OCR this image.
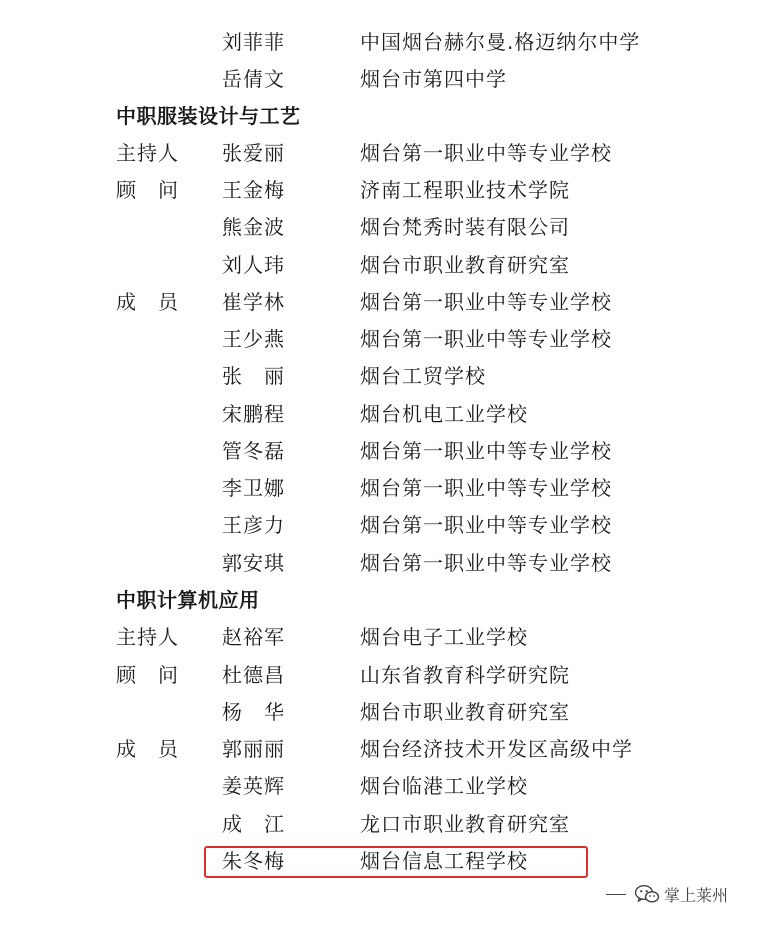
刘菲菲	中国烟台赫尔曼.格迈纳尔中学
岳倩文	烟台市第四中学
中职服装设计与工艺
主持人 张爱丽	烟台第一职业中等专业学校
顾　问 王金梅	济南工程职业技术学院
熊金波	烟台梵秀时装有限公司
刘人玮	烟台市职业教育研究室
成　员 崔学林	烟台第一职业中等专业学校
王少燕	烟台第一职业中等专业学校
张　丽	烟台工贸学校
宋鹏程	烟台机电工业学校
管冬磊	烟台第一职业中等专业学校
李卫娜	烟台第一职业中等专业学校
王彦力	烟台第一职业中等专业学校
郭安琪	烟台第一职业中等专业学校
中职计算机应用
主持人 赵裕军	烟台电子工业学校
顾　问 杜德昌	山东省教育科学研究院
杨　华	烟台市职业教育研究室
成　员 郭丽丽	烟台经济技术开发区高级中学
姜英辉	烟台临港工业学校
成　江	龙口市职业教育研究室
朱冬梅	烟台信息工程学校
掌上莱州
